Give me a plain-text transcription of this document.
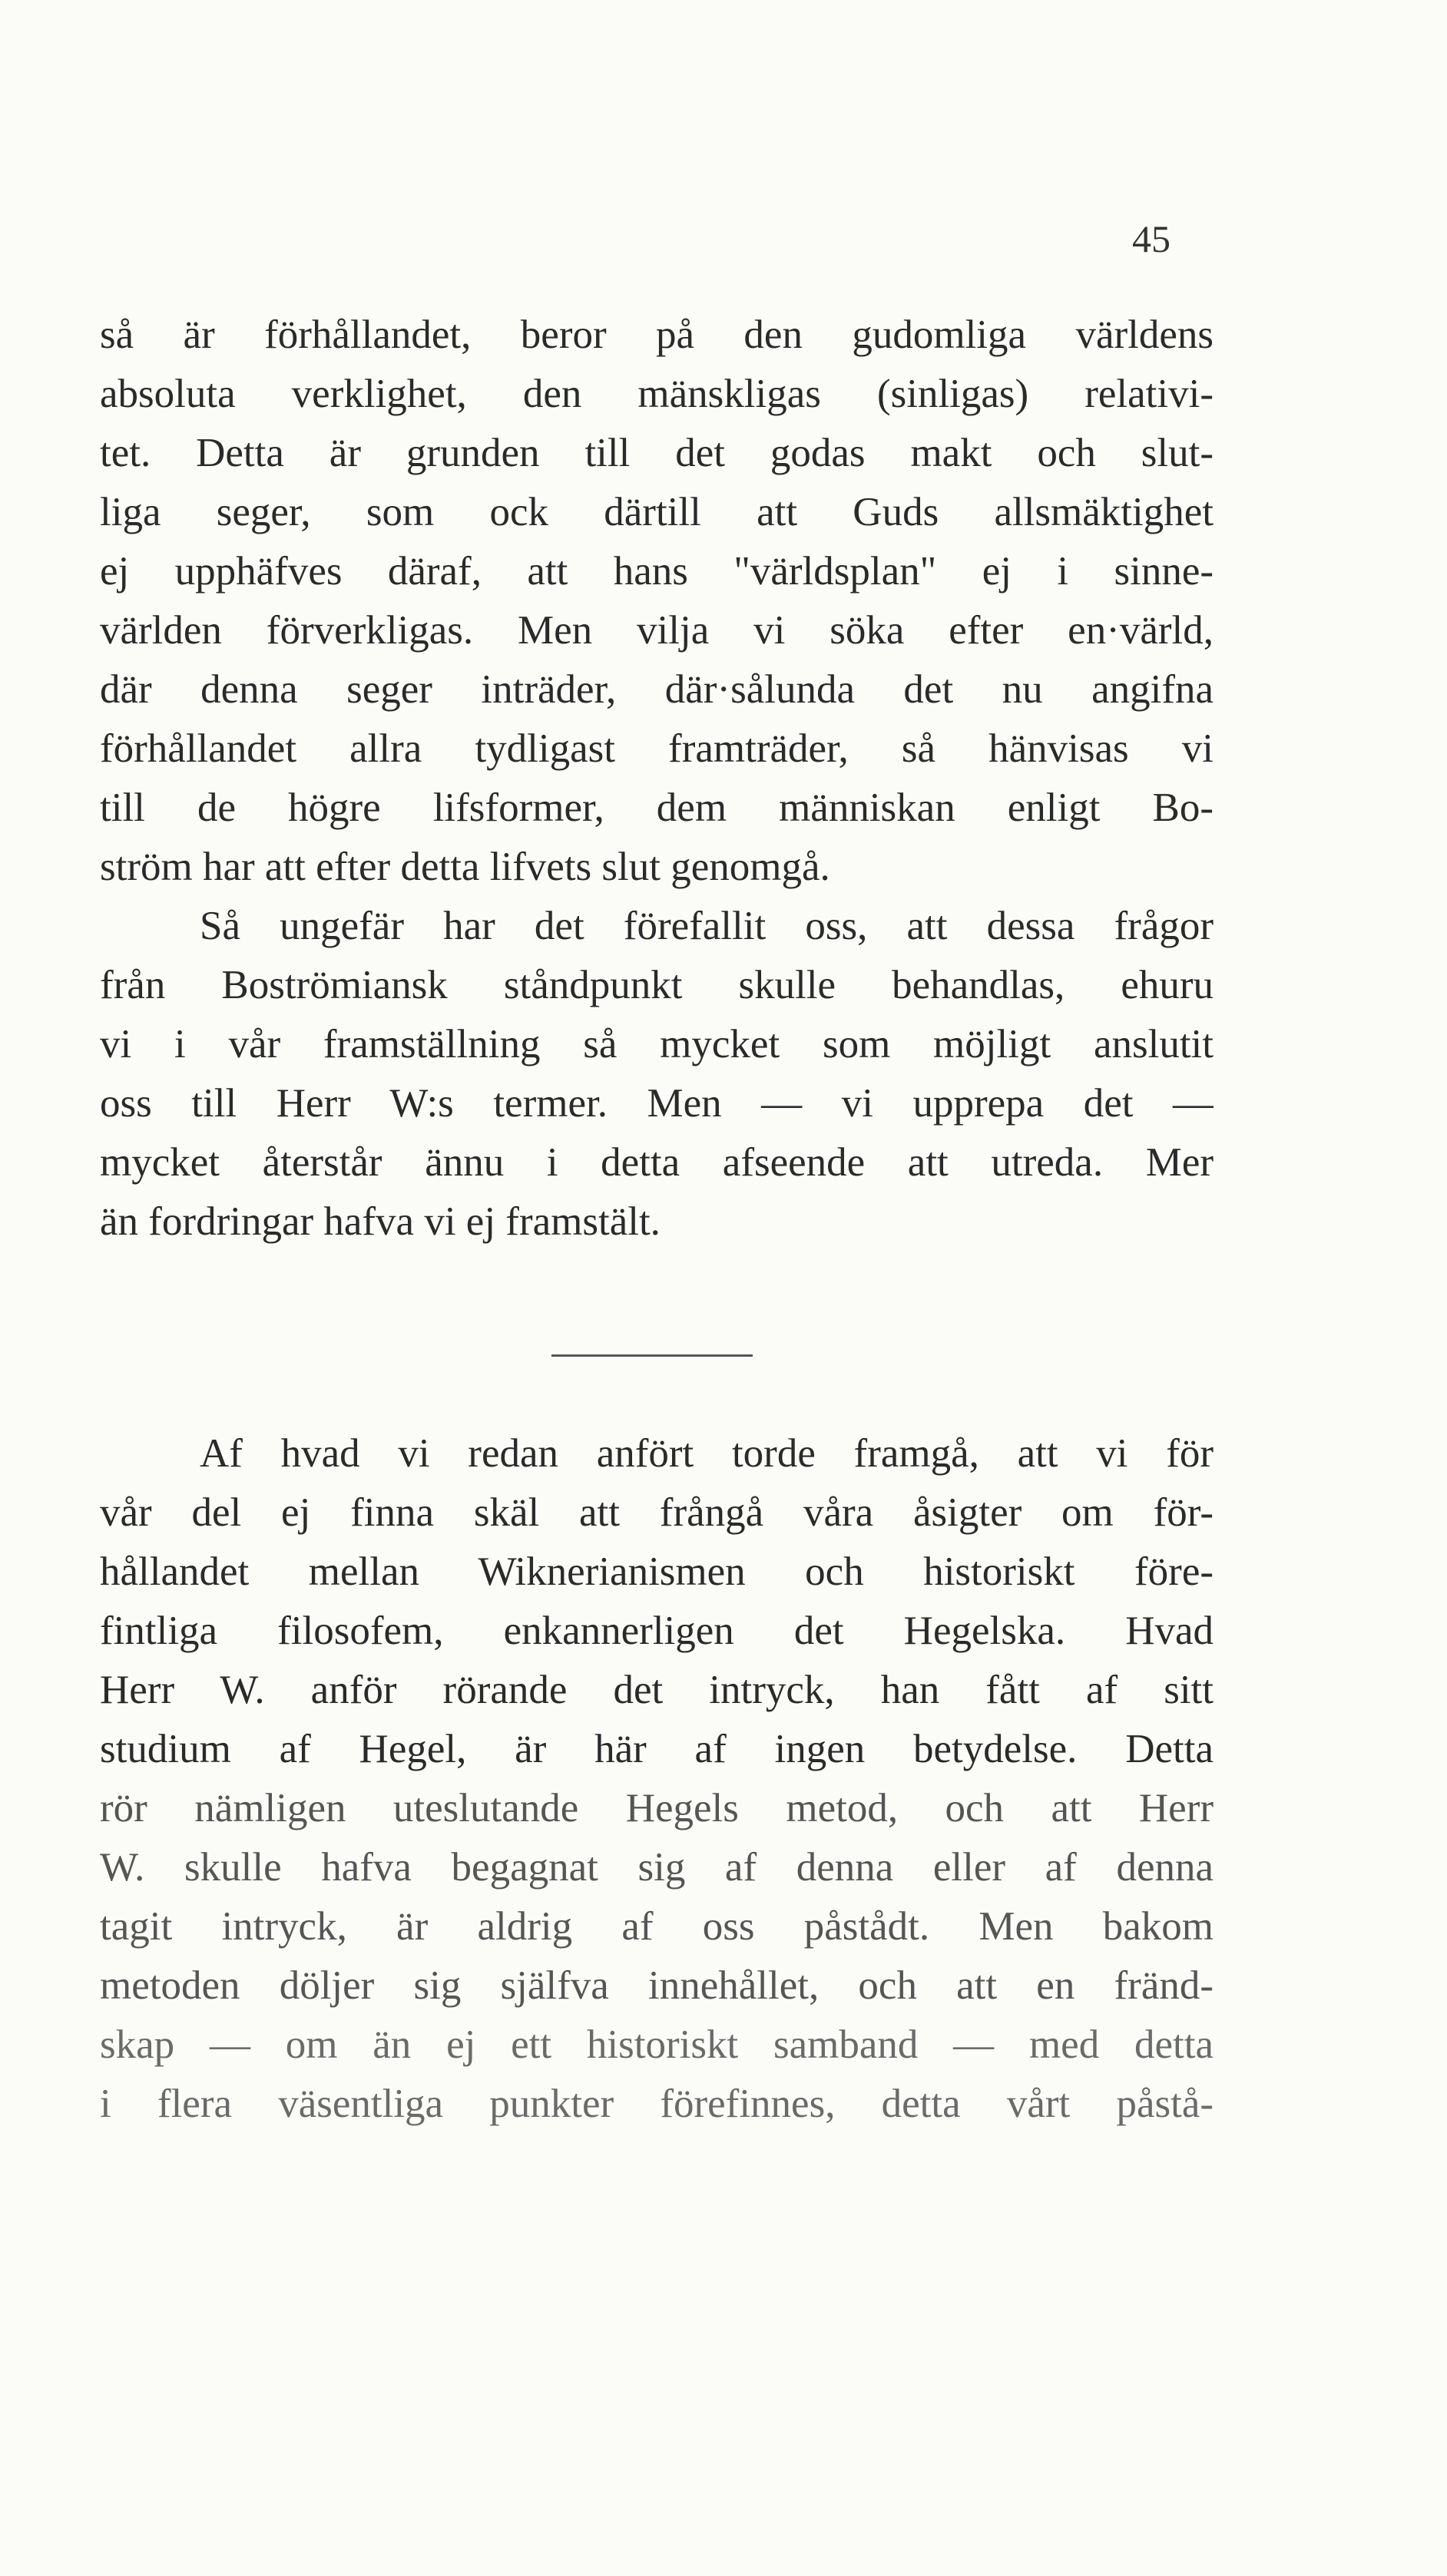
45
så är förhållandet, beror på den gudomliga världens
absoluta verklighet, den mänskligas (sinligas) relativi-
tet. Detta är grunden till det godas makt och slut-
liga seger, som ock därtill att Guds allsmäktighet
ej upphäfves däraf, att hans "världsplan" ej i sinne-
världen förverkligas. Men vilja vi söka efter en·värld,
där denna seger inträder, där·sålunda det nu angifna
förhållandet allra tydligast framträder, så hänvisas vi
till de högre lifsformer, dem människan enligt Bo-
ström har att efter detta lifvets slut genomgå.
Så ungefär har det förefallit oss, att dessa frågor
från Boströmiansk ståndpunkt skulle behandlas, ehuru
vi i vår framställning så mycket som möjligt anslutit
oss till Herr W:s termer. Men — vi upprepa det —
mycket återstår ännu i detta afseende att utreda. Mer
än fordringar hafva vi ej framstält.
Af hvad vi redan anfört torde framgå, att vi för
vår del ej finna skäl att frångå våra åsigter om för-
hållandet mellan Wiknerianismen och historiskt före-
fintliga filosofem, enkannerligen det Hegelska. Hvad
Herr W. anför rörande det intryck, han fått af sitt
studium af Hegel, är här af ingen betydelse. Detta
rör nämligen uteslutande Hegels metod, och att Herr
W. skulle hafva begagnat sig af denna eller af denna
tagit intryck, är aldrig af oss påstådt. Men bakom
metoden döljer sig själfva innehållet, och att en fränd-
skap — om än ej ett historiskt samband — med detta
i flera väsentliga punkter förefinnes, detta vårt påstå-
